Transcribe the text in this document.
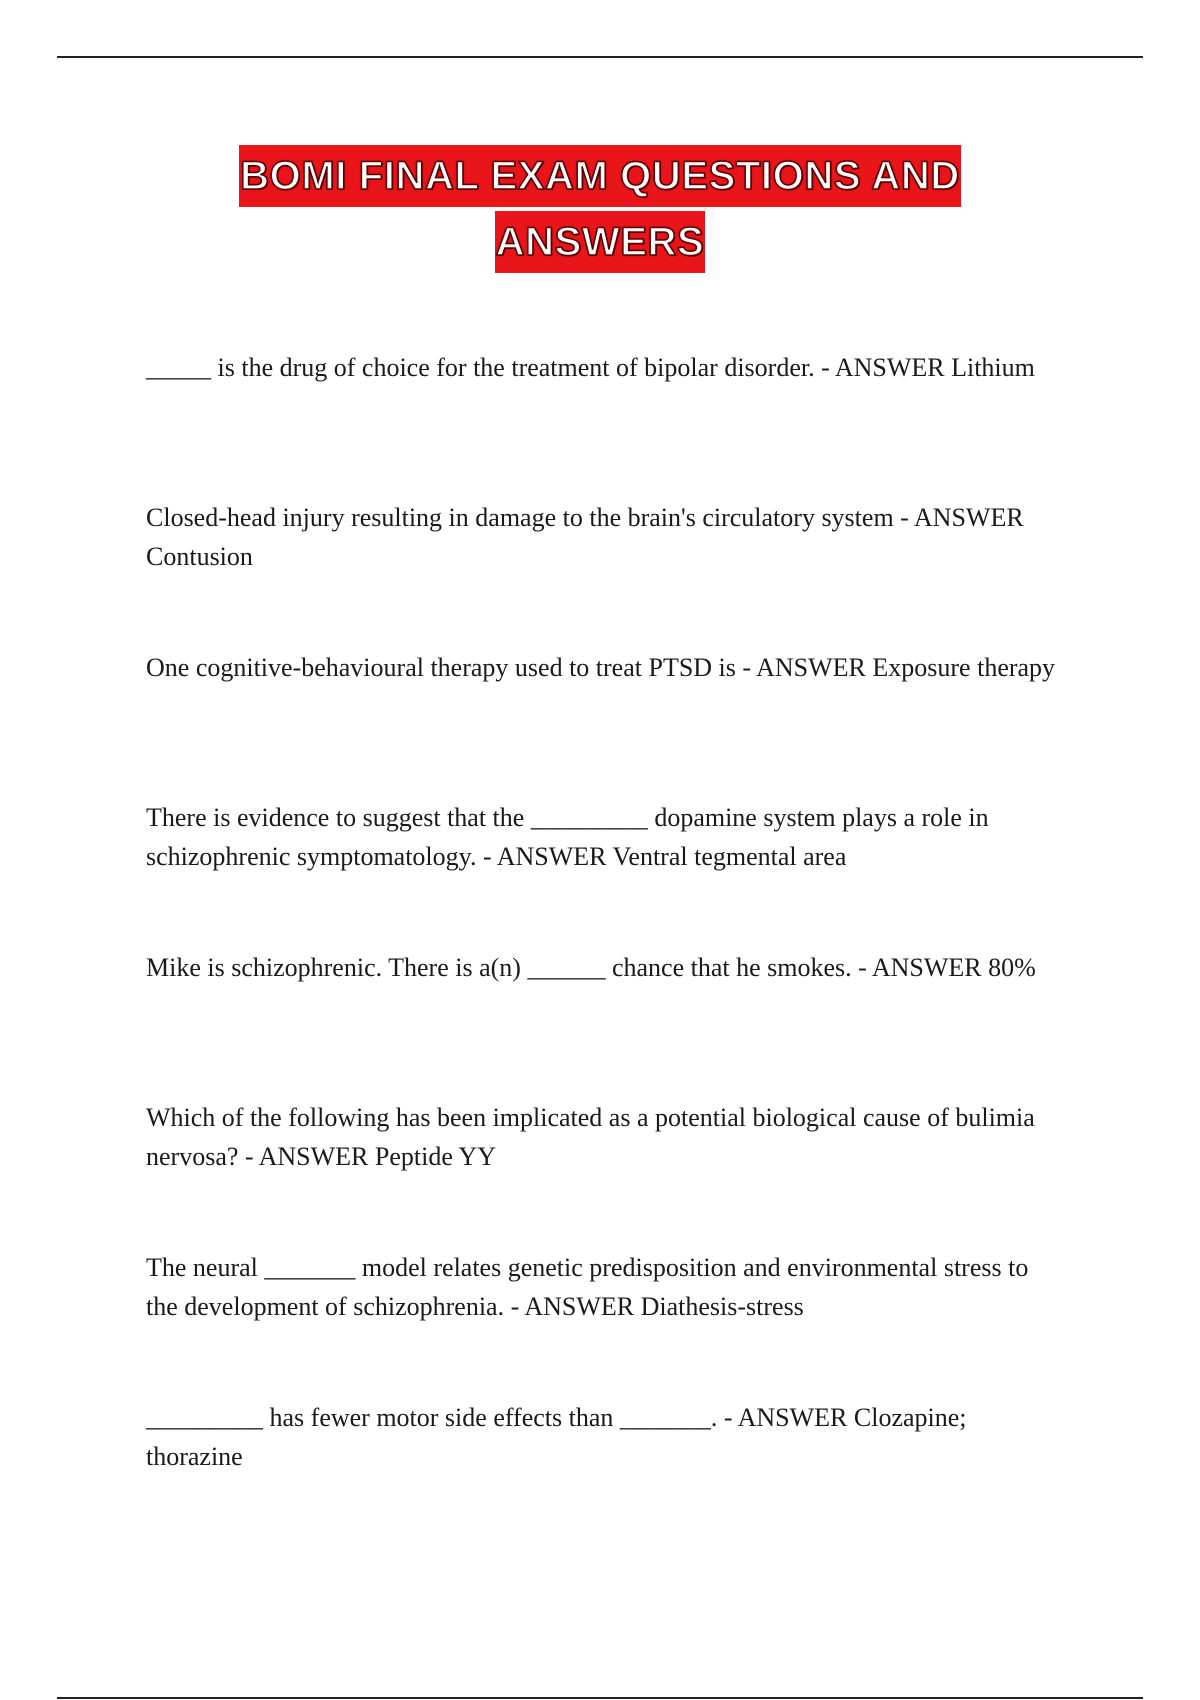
BOMI FINAL EXAM QUESTIONS AND
ANSWERS
_____ is the drug of choice for the treatment of bipolar disorder. - ANSWER Lithium
Closed-head injury resulting in damage to the brain's circulatory system - ANSWER Contusion
One cognitive-behavioural therapy used to treat PTSD is - ANSWER Exposure therapy
There is evidence to suggest that the _________ dopamine system plays a role in schizophrenic symptomatology. - ANSWER Ventral tegmental area
Mike is schizophrenic. There is a(n) ______ chance that he smokes. - ANSWER 80%
Which of the following has been implicated as a potential biological cause of bulimia nervosa? - ANSWER Peptide YY
The neural _______ model relates genetic predisposition and environmental stress to the development of schizophrenia. - ANSWER Diathesis-stress
_________ has fewer motor side effects than _______. - ANSWER Clozapine; thorazine
